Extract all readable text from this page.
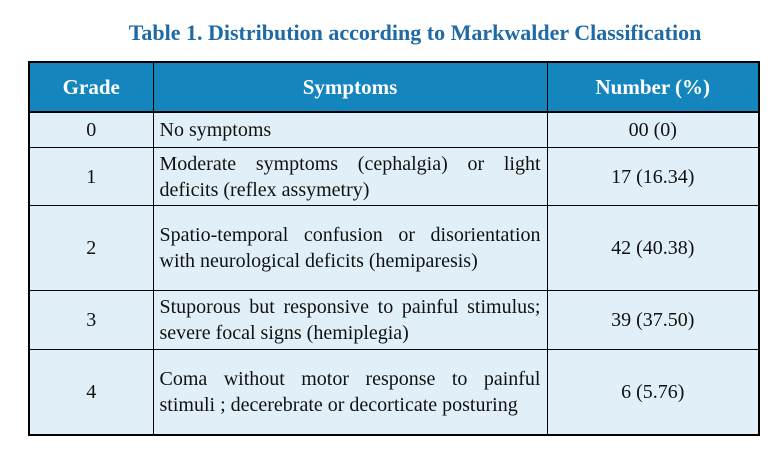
Table 1. Distribution according to Markwalder Classification
Grade	Symptoms	Number (%)
0	No symptoms	00 (0)
1	Moderate symptoms (cephalgia) or light deficits (reflex assymetry)	17 (16.34)
2	Spatio-temporal confusion or disorientation with neurological deficits (hemiparesis)	42 (40.38)
3	Stuporous but responsive to painful stimulus; severe focal signs (hemiplegia)	39 (37.50)
4	Coma without motor response to painful stimuli ; decerebrate or decorticate posturing	6 (5.76)
